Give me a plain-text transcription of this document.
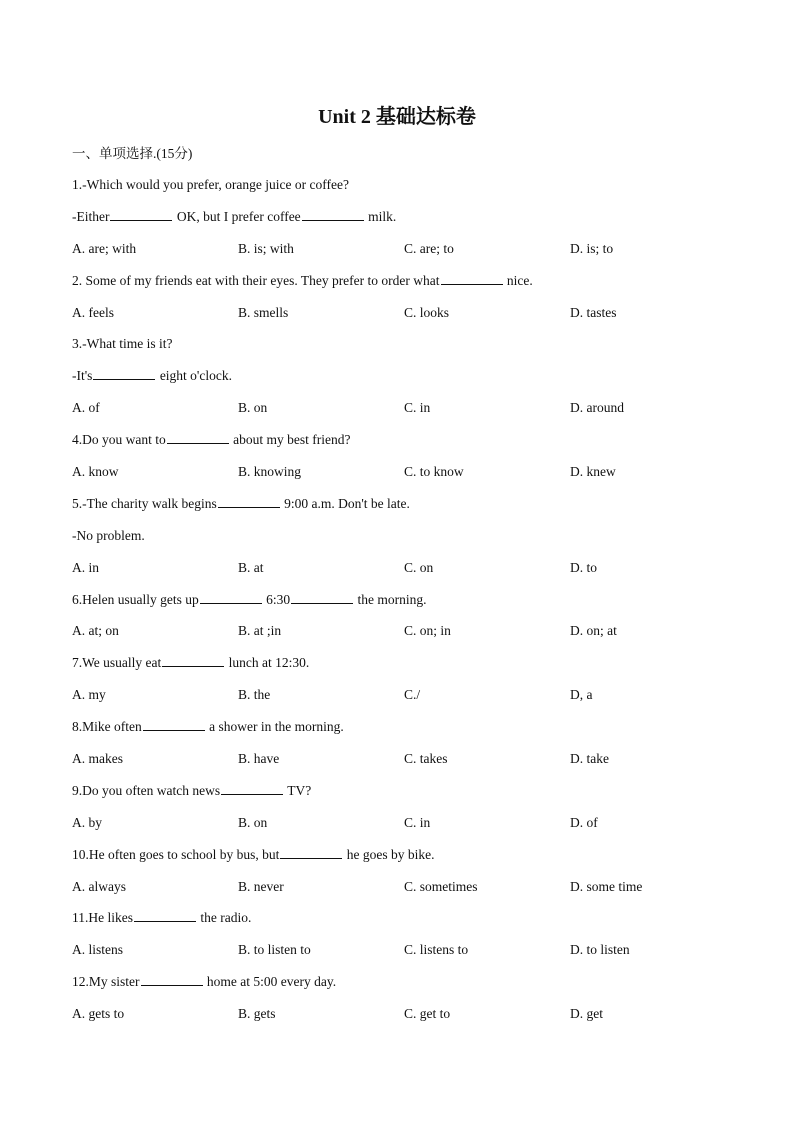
Unit 2 基础达标卷
一、单项选择.(15分)
1.-Which would you prefer, orange juice or coffee?
-Either	OK, but I prefer coffee	milk.
A. are; with	B. is; with	C. are; to	D. is; to
2. Some of my friends eat with their eyes. They prefer to order what	nice.
A. feels	B. smells	C. looks	D. tastes
3.-What time is it?
-It's	eight o'clock.
A. of	B. on	C. in	D. around
4.Do you want to	about my best friend?
A. know	B. knowing	C. to know	D. knew
5.-The charity walk begins	9:00 a.m. Don't be late.
-No problem.
A. in	B. at	C. on	D. to
6.Helen usually gets up	6:30	the morning.
A. at; on	B. at ;in	C. on; in	D. on; at
7.We usually eat	lunch at 12:30.
A. my	B. the	C./	D, a
8.Mike often	a shower in the morning.
A. makes	B. have	C. takes	D. take
9.Do you often watch news	TV?
A. by	B. on	C. in	D. of
10.He often goes to school by bus, but	he goes by bike.
A. always	B. never	C. sometimes	D. some time
11.He likes	the radio.
A. listens	B. to listen to	C. listens to	D. to listen
12.My sister	home at 5:00 every day.
A. gets to	B. gets	C. get to	D. get
